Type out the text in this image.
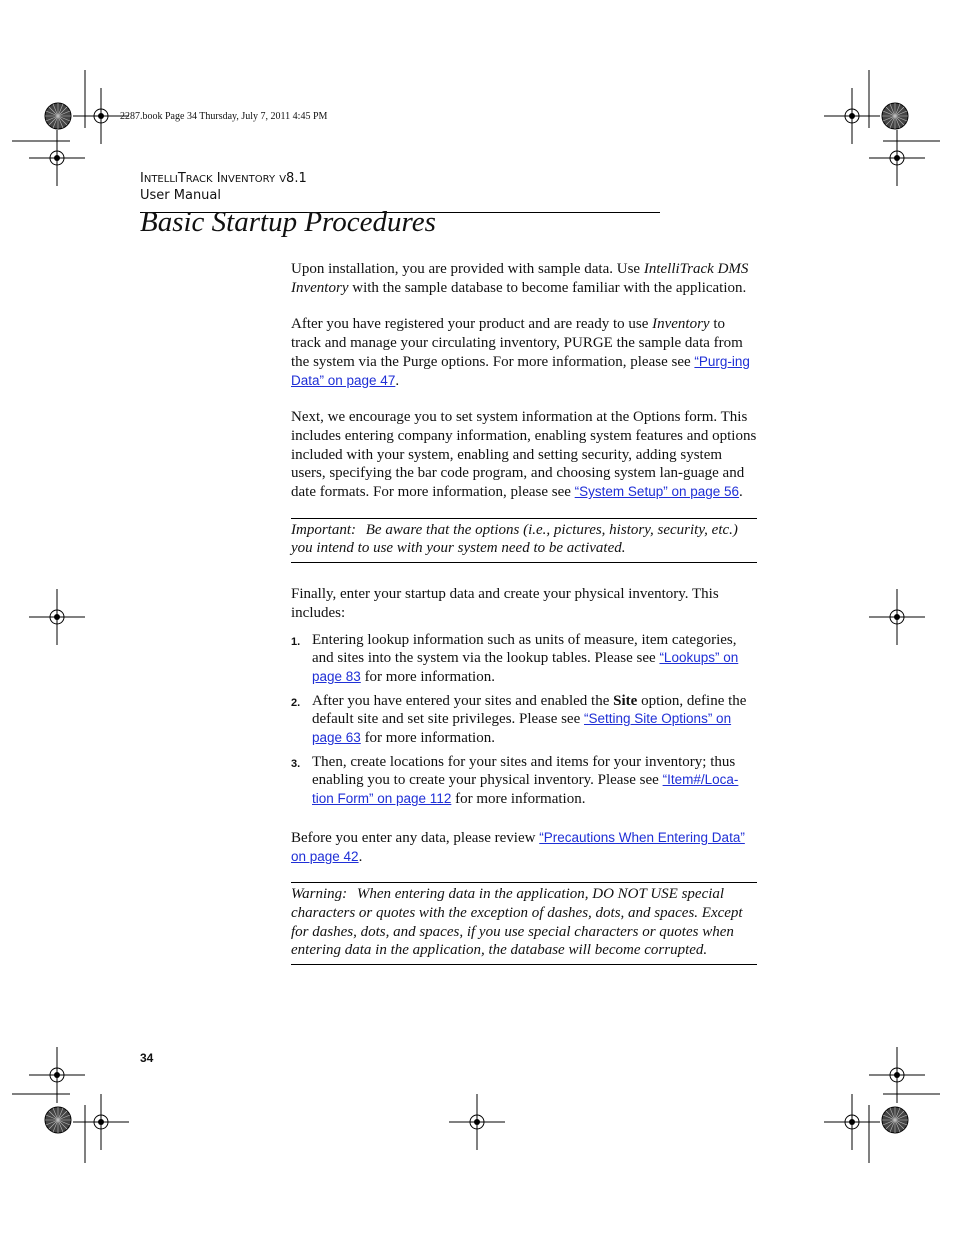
2287.book Page 34 Thursday, July 7, 2011 4:45 PM
INTELLITRACK INVENTORY V8.1
User Manual
Basic Startup Procedures

Upon installation, you are provided with sample data. Use IntelliTrack DMS Inventory with the sample database to become familiar with the application.

After you have registered your product and are ready to use Inventory to track and manage your circulating inventory, PURGE the sample data from the system via the Purge options. For more information, please see “Purg-ing Data” on page 47.

Next, we encourage you to set system information at the Options form. This includes entering company information, enabling system features and options included with your system, enabling and setting security, adding system users, specifying the bar code program, and choosing system lan-guage and date formats. For more information, please see “System Setup” on page 56.

Important: Be aware that the options (i.e., pictures, history, security, etc.) you intend to use with your system need to be activated.

Finally, enter your startup data and create your physical inventory. This includes:

1. Entering lookup information such as units of measure, item categories, and sites into the system via the lookup tables. Please see “Lookups” on page 83 for more information.
2. After you have entered your sites and enabled the Site option, define the default site and set site privileges. Please see “Setting Site Options” on page 63 for more information.
3. Then, create locations for your sites and items for your inventory; thus enabling you to create your physical inventory. Please see “Item#/Loca-tion Form” on page 112 for more information.

Before you enter any data, please review “Precautions When Entering Data” on page 42.

Warning: When entering data in the application, DO NOT USE special characters or quotes with the exception of dashes, dots, and spaces. Except for dashes, dots, and spaces, if you use special characters or quotes when entering data in the application, the database will become corrupted.
34
